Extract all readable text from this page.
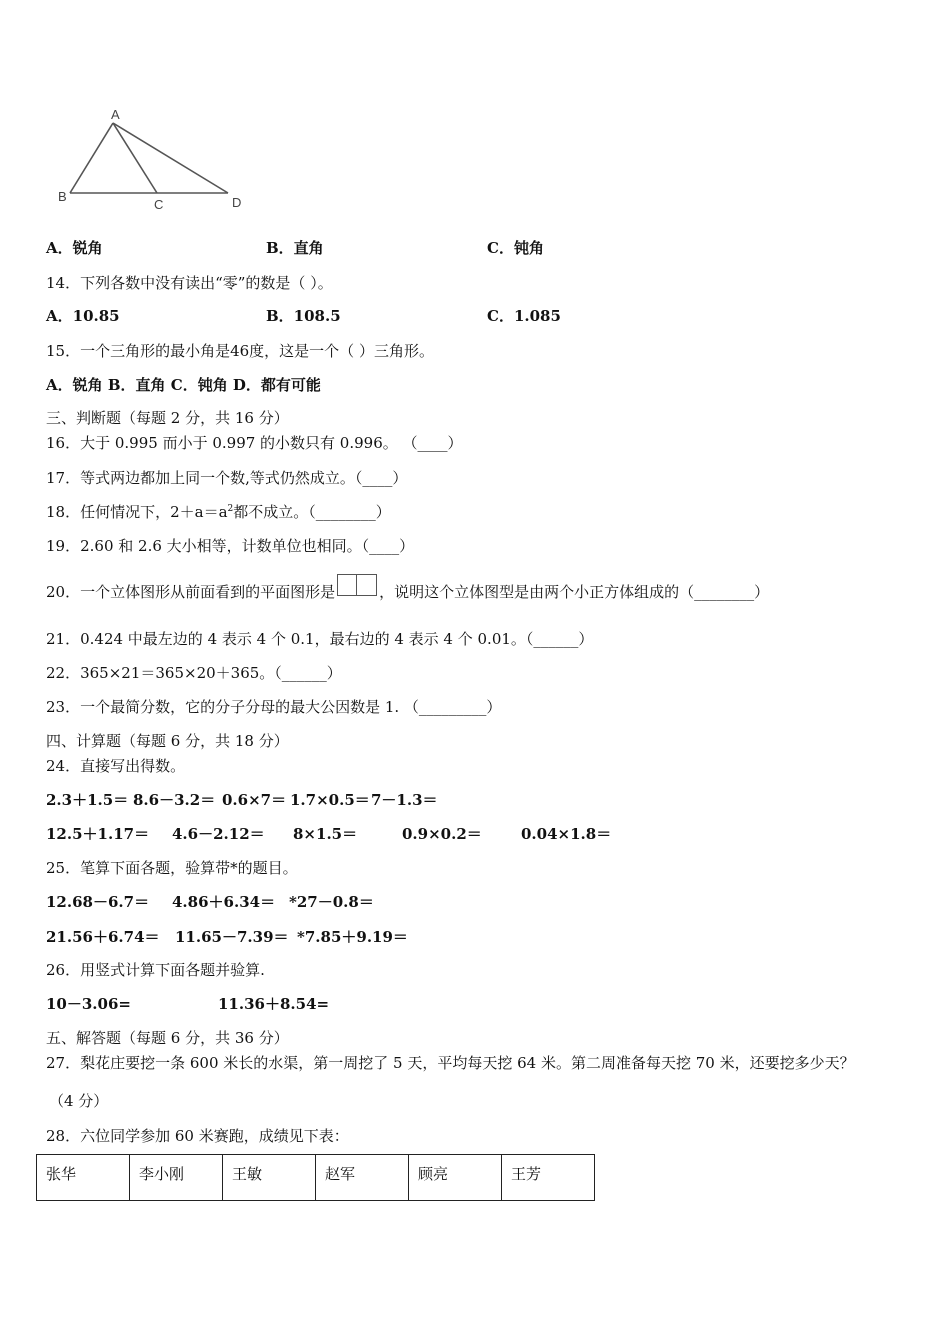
A
B
C	D
A．锐角	B．直角	C．钝角
14．下列各数中没有读出“零”的数是（ ）。
A．10.85	B．108.5	C．1.085
15．一个三角形的最小角是46度，这是一个（ ）三角形。
A．锐角 B．直角 C．钝角 D．都有可能
三、判断题（每题 2 分，共 16 分）
16．大于 0.995 而小于 0.997 的小数只有 0.996。 （____）
17．等式两边都加上同一个数,等式仍然成立。（____）
18．任何情况下，$2+a=a^2$都不成立。（________）
19．2.60 和 2.6 大小相等，计数单位也相同。（____）
20．一个立体图形从前面看到的平面图形是	，说明这个立体图型是由两个小正方体组成的（________）
21．0.424 中最左边的 4 表示 4 个 0.1，最右边的 4 表示 4 个 0.01。（______）
22．365×21＝365×20＋365。（______）
23．一个最简分数，它的分子分母的最大公因数是 1. （_________）
四、计算题（每题 6 分，共 18 分）
24．直接写出得数。
2.3＋1.5＝ 8.6－3.2＝ 0.6×7＝ 1.7×0.5＝ 7－1.3＝
12.5＋1.17＝ 4.6－2.12＝ 8×1.5＝	0.9×0.2＝	0.04×1.8＝
25．笔算下面各题，验算带*的题目。
12.68－6.7＝ 4.86＋6.34＝ *27－0.8＝
21.56＋6.74＝ 11.65－7.39＝ *7.85＋9.19＝
26．用竖式计算下面各题并验算.
10－3.06=	11.36＋8.54=
五、解答题（每题 6 分，共 36 分）
27．梨花庄要挖一条 600 米长的水渠，第一周挖了 5 天，平均每天挖 64 米。第二周准备每天挖 70 米，还要挖多少天？
（4 分）
28．六位同学参加 60 米赛跑，成绩见下表：
张华	李小刚	王敏	赵军	顾亮	王芳
